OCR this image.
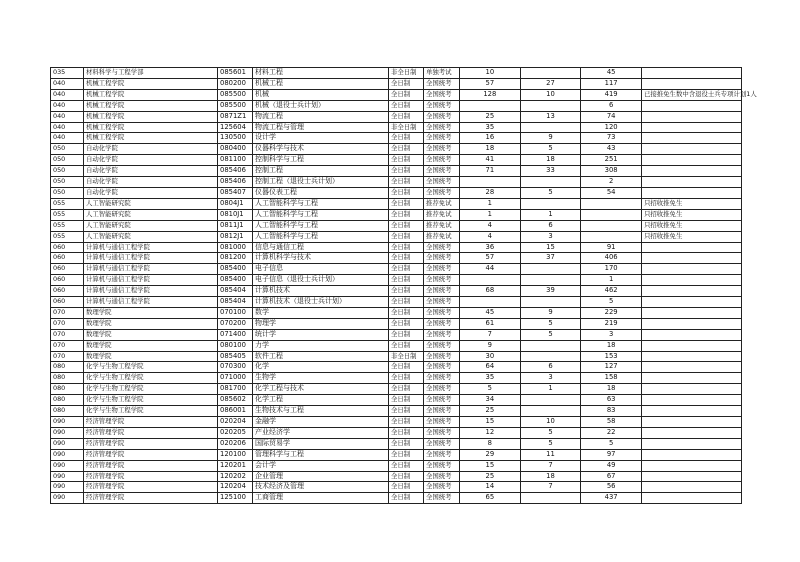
035	材料科学与工程学部	085601	材料工程	非全日制	单独考试	10		45	
040	机械工程学院	080200	机械工程	全日制	全国统考	57	27	117	
040	机械工程学院	085500	机械	全日制	全国统考	128	10	419	已接推免生数中含退役士兵专项计划1人
040	机械工程学院	085500	机械（退役士兵计划）	全日制	全国统考			6	
040	机械工程学院	0871Z1	物流工程	全日制	全国统考	25	13	74	
040	机械工程学院	125604	物流工程与管理	非全日制	全国统考	35		120	
040	机械工程学院	130500	设计学	全日制	全国统考	16	9	73	
050	自动化学院	080400	仪器科学与技术	全日制	全国统考	18	5	43	
050	自动化学院	081100	控制科学与工程	全日制	全国统考	41	18	251	
050	自动化学院	085406	控制工程	全日制	全国统考	71	33	308	
050	自动化学院	085406	控制工程（退役士兵计划）	全日制	全国统考			2	
050	自动化学院	085407	仪器仪表工程	全日制	全国统考	28	5	54	
055	人工智能研究院	0804J1	人工智能科学与工程	全日制	推荐免试	1			只招收推免生
055	人工智能研究院	0810J1	人工智能科学与工程	全日制	推荐免试	1	1		只招收推免生
055	人工智能研究院	0811J1	人工智能科学与工程	全日制	推荐免试	4	6		只招收推免生
055	人工智能研究院	0812J1	人工智能科学与工程	全日制	推荐免试	4	3		只招收推免生
060	计算机与通信工程学院	081000	信息与通信工程	全日制	全国统考	36	15	91	
060	计算机与通信工程学院	081200	计算机科学与技术	全日制	全国统考	57	37	406	
060	计算机与通信工程学院	085400	电子信息	全日制	全国统考	44		170	
060	计算机与通信工程学院	085400	电子信息（退役士兵计划）	全日制	全国统考			1	
060	计算机与通信工程学院	085404	计算机技术	全日制	全国统考	68	39	462	
060	计算机与通信工程学院	085404	计算机技术（退役士兵计划）	全日制	全国统考			5	
070	数理学院	070100	数学	全日制	全国统考	45	9	229	
070	数理学院	070200	物理学	全日制	全国统考	61	5	219	
070	数理学院	071400	统计学	全日制	全国统考	7	5	3	
070	数理学院	080100	力学	全日制	全国统考	9		18	
070	数理学院	085405	软件工程	非全日制	全国统考	30		153	
080	化学与生物工程学院	070300	化学	全日制	全国统考	64	6	127	
080	化学与生物工程学院	071000	生物学	全日制	全国统考	35	3	158	
080	化学与生物工程学院	081700	化学工程与技术	全日制	全国统考	5	1	18	
080	化学与生物工程学院	085602	化学工程	全日制	全国统考	34		63	
080	化学与生物工程学院	086001	生物技术与工程	全日制	全国统考	25		83	
090	经济管理学院	020204	金融学	全日制	全国统考	15	10	58	
090	经济管理学院	020205	产业经济学	全日制	全国统考	12	5	22	
090	经济管理学院	020206	国际贸易学	全日制	全国统考	8	5	5	
090	经济管理学院	120100	管理科学与工程	全日制	全国统考	29	11	97	
090	经济管理学院	120201	会计学	全日制	全国统考	15	7	49	
090	经济管理学院	120202	企业管理	全日制	全国统考	25	18	67	
090	经济管理学院	120204	技术经济及管理	全日制	全国统考	14	7	56	
090	经济管理学院	125100	工商管理	全日制	全国统考	65		437	
